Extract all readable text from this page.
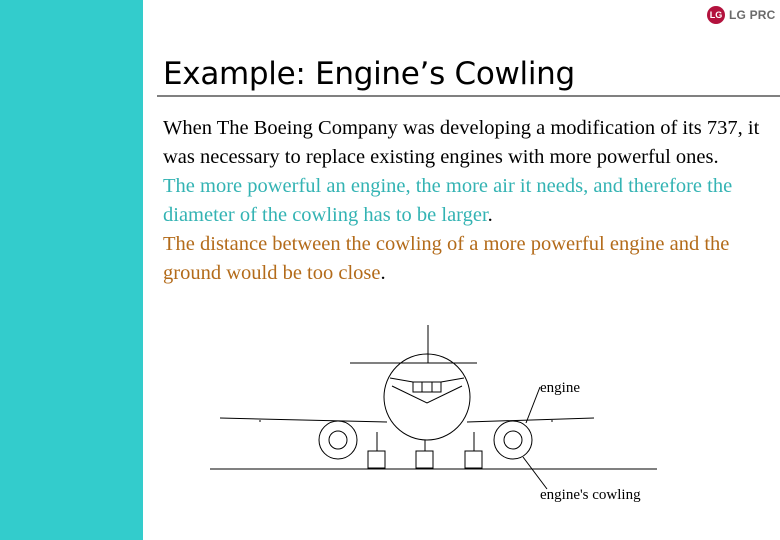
LG LG PRC
Example: Engine’s Cowling
When The Boeing Company was developing a modification of its 737, it was necessary to replace existing engines with more powerful ones.
The more powerful an engine, the more air it needs, and therefore the diameter of the cowling has to be larger.
The distance between the cowling of a more powerful engine and the ground would be too close.
engine
engine's cowling
